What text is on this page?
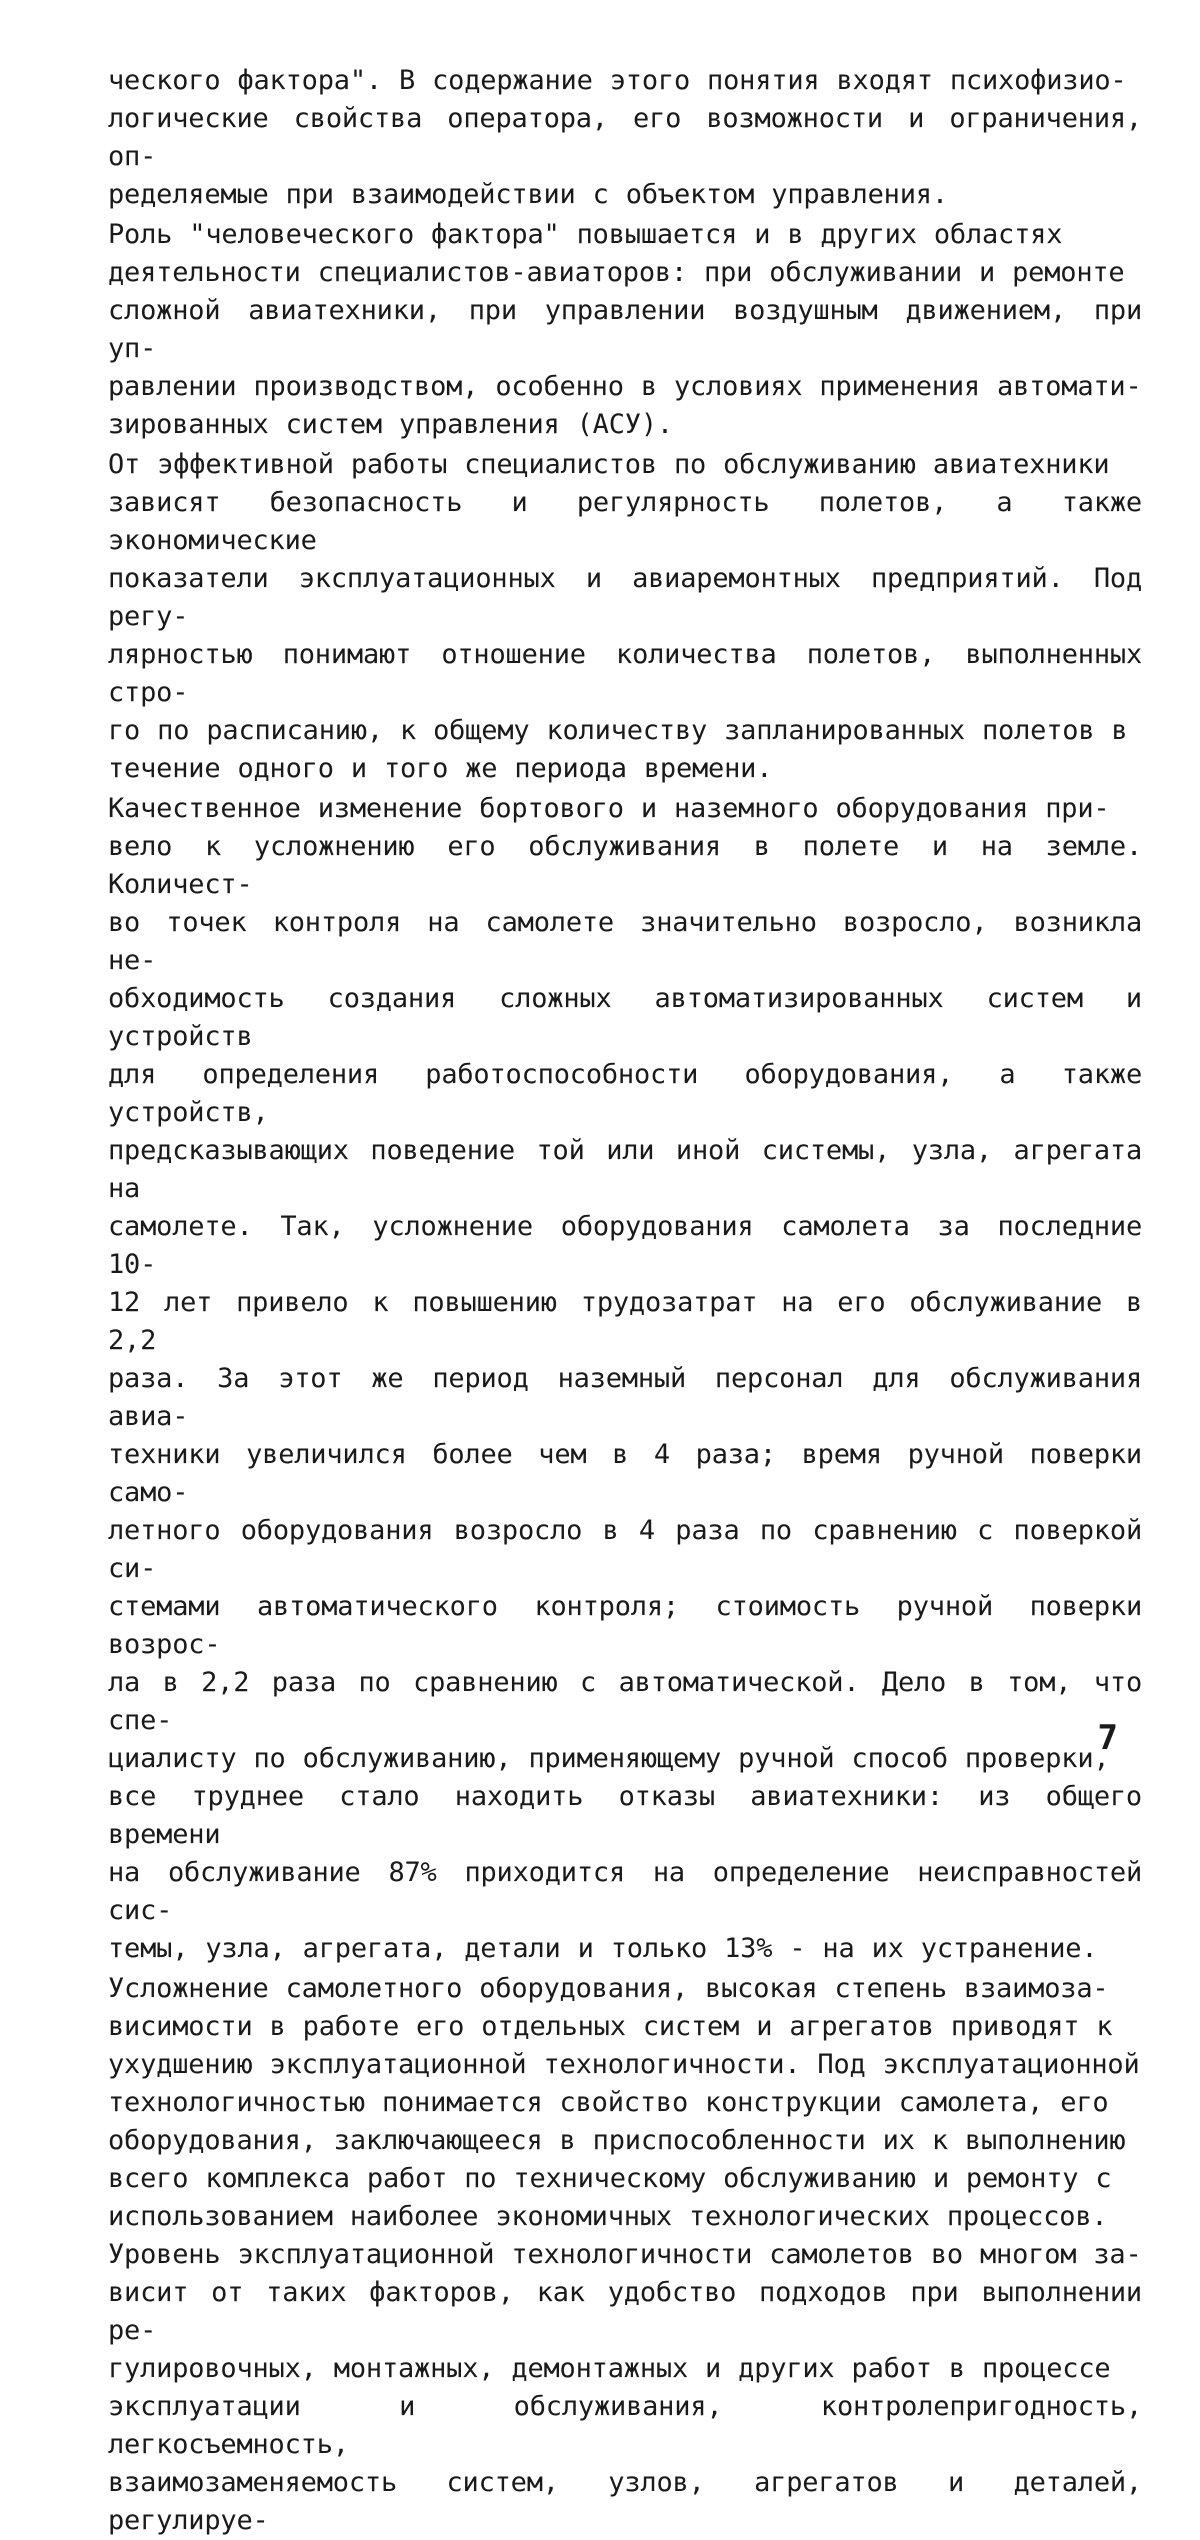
ческого фактора". В содержание этого понятия входят психофизио-
логические свойства оператора, его возможности и ограничения, оп-
ределяемые при взаимодействии с объектом управления.

Роль "человеческого фактора" повышается и в других областях
деятельности специалистов-авиаторов: при обслуживании и ремонте
сложной авиатехники, при управлении воздушным движением, при уп-
равлении производством, особенно в условиях применения автомати-
зированных систем управления (АСУ).

От эффективной работы специалистов по обслуживанию авиатехники
зависят безопасность и регулярность полетов, а также экономические
показатели эксплуатационных и авиаремонтных предприятий. Под регу-
лярностью понимают отношение количества полетов, выполненных стро-
го по расписанию, к общему количеству запланированных полетов в
течение одного и того же периода времени.

Качественное изменение бортового и наземного оборудования при-
вело к усложнению его обслуживания в полете и на земле. Количест-
во точек контроля на самолете значительно возросло, возникла не-
обходимость создания сложных автоматизированных систем и устройств
для определения работоспособности оборудования, а также устройств,
предсказывающих поведение той или иной системы, узла, агрегата на
самолете. Так, усложнение оборудования самолета за последние 10-
12 лет привело к повышению трудозатрат на его обслуживание в 2,2
раза. За этот же период наземный персонал для обслуживания авиа-
техники увеличился более чем в 4 раза; время ручной поверки само-
летного оборудования возросло в 4 раза по сравнению с поверкой си-
стемами автоматического контроля; стоимость ручной поверки возрос-
ла в 2,2 раза по сравнению с автоматической. Дело в том, что спе-
циалисту по обслуживанию, применяющему ручной способ проверки,
все труднее стало находить отказы авиатехники: из общего времени
на обслуживание 87% приходится на определение неисправностей сис-
темы, узла, агрегата, детали и только 13% - на их устранение.

Усложнение самолетного оборудования, высокая степень взаимоза-
висимости в работе его отдельных систем и агрегатов приводят к
ухудшению эксплуатационной технологичности. Под эксплуатационной
технологичностью понимается свойство конструкции самолета, его
оборудования, заключающееся в приспособленности их к выполнению
всего комплекса работ по техническому обслуживанию и ремонту с
использованием наиболее экономичных технологических процессов.
Уровень эксплуатационной технологичности самолетов во многом за-
висит от таких факторов, как удобство подходов при выполнении ре-
гулировочных, монтажных, демонтажных и других работ в процессе
эксплуатации и обслуживания, контролепригодность, легкосъемность,
взаимозаменяемость систем, узлов, агрегатов и деталей, регулируе-

7
